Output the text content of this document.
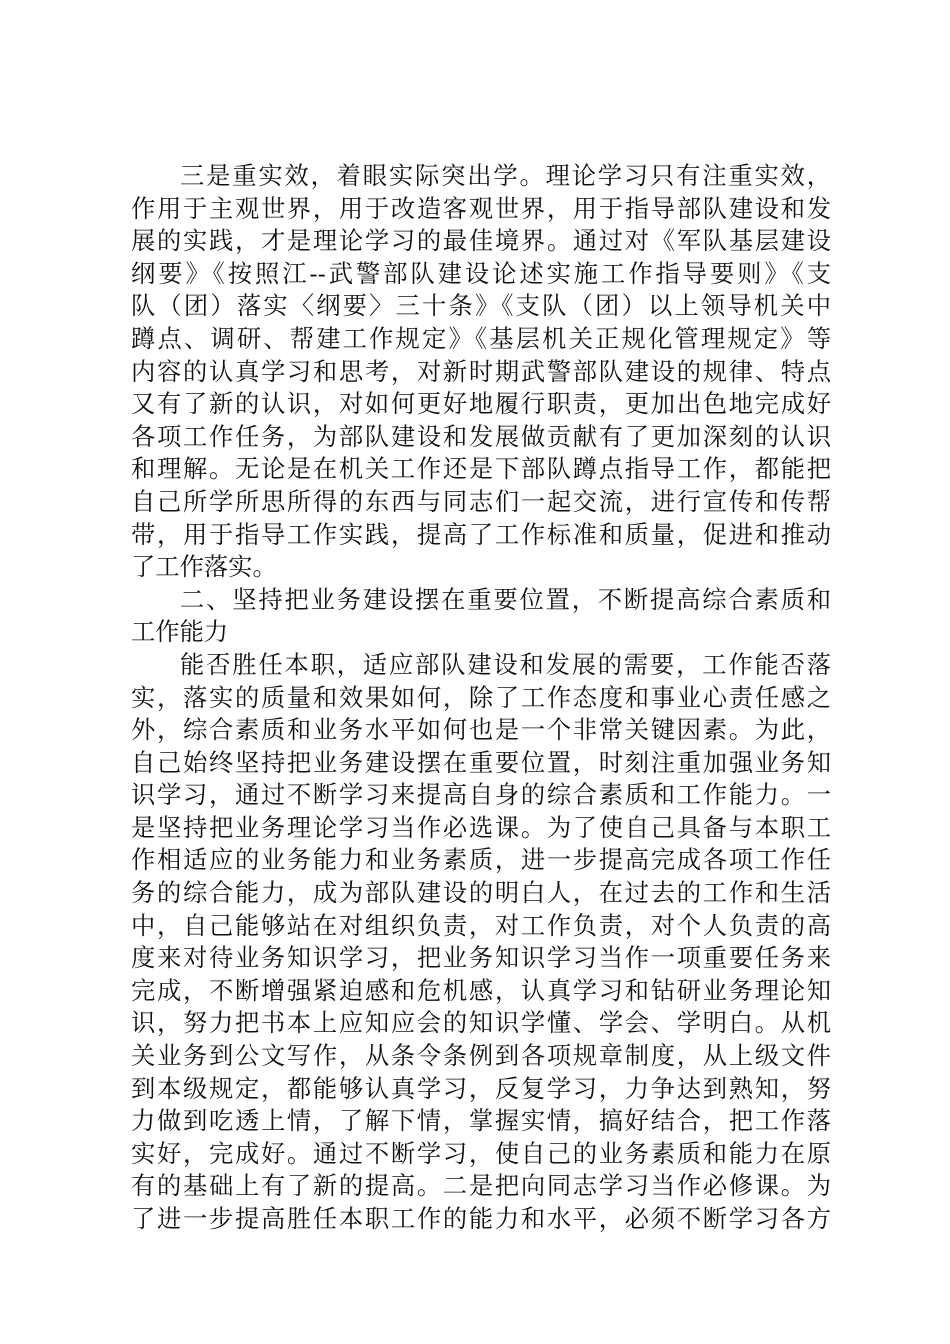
三是重实效，着眼实际突出学。理论学习只有注重实效，
作用于主观世界，用于改造客观世界，用于指导部队建设和发
展的实践，才是理论学习的最佳境界。通过对《军队基层建设
纲要》《按照江--武警部队建设论述实施工作指导要则》《支
队（团）落实〈纲要〉三十条》《支队（团）以上领导机关中
蹲点、调研、帮建工作规定》《基层机关正规化管理规定》等
内容的认真学习和思考，对新时期武警部队建设的规律、特点
又有了新的认识，对如何更好地履行职责，更加出色地完成好
各项工作任务，为部队建设和发展做贡献有了更加深刻的认识
和理解。无论是在机关工作还是下部队蹲点指导工作，都能把
自己所学所思所得的东西与同志们一起交流，进行宣传和传帮
带，用于指导工作实践，提高了工作标准和质量，促进和推动
了工作落实。
二、坚持把业务建设摆在重要位置，不断提高综合素质和
工作能力
能否胜任本职，适应部队建设和发展的需要，工作能否落
实，落实的质量和效果如何，除了工作态度和事业心责任感之
外，综合素质和业务水平如何也是一个非常关键因素。为此，
自己始终坚持把业务建设摆在重要位置，时刻注重加强业务知
识学习，通过不断学习来提高自身的综合素质和工作能力。一
是坚持把业务理论学习当作必选课。为了使自己具备与本职工
作相适应的业务能力和业务素质，进一步提高完成各项工作任
务的综合能力，成为部队建设的明白人，在过去的工作和生活
中，自己能够站在对组织负责，对工作负责，对个人负责的高
度来对待业务知识学习，把业务知识学习当作一项重要任务来
完成，不断增强紧迫感和危机感，认真学习和钻研业务理论知
识，努力把书本上应知应会的知识学懂、学会、学明白。从机
关业务到公文写作，从条令条例到各项规章制度，从上级文件
到本级规定，都能够认真学习，反复学习，力争达到熟知，努
力做到吃透上情，了解下情，掌握实情，搞好结合，把工作落
实好，完成好。通过不断学习，使自己的业务素质和能力在原
有的基础上有了新的提高。二是把向同志学习当作必修课。为
了进一步提高胜任本职工作的能力和水平，必须不断学习各方
